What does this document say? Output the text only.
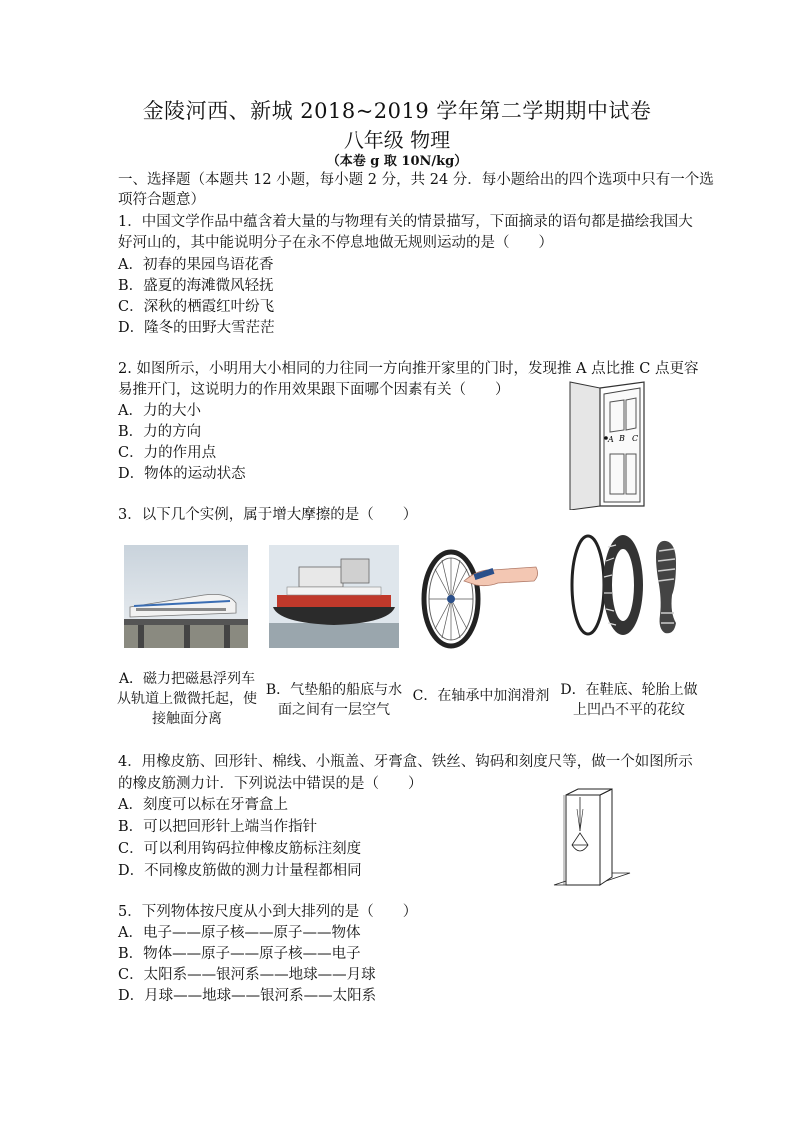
金陵河西、新城 2018~2019 学年第二学期期中试卷
八年级 物理
（本卷 g 取 10N/kg）
一、选择题（本题共 12 小题，每小题 2 分，共 24 分．每小题给出的四个选项中只有一个选
项符合题意）
1．中国文学作品中蕴含着大量的与物理有关的情景描写，下面摘录的语句都是描绘我国大
好河山的，其中能说明分子在永不停息地做无规则运动的是（　　）
A．初春的果园鸟语花香
B．盛夏的海滩微风轻抚
C．深秋的栖霞红叶纷飞
D．隆冬的田野大雪茫茫
2. 如图所示，小明用大小相同的力往同一方向推开家里的门时，发现推 A 点比推 C 点更容
易推开门，这说明力的作用效果跟下面哪个因素有关（　　）
A．力的大小
B．力的方向
C．力的作用点
D．物体的运动状态
A B C
3．以下几个实例，属于增大摩擦的是（　　）
A．磁力把磁悬浮列车
从轨道上微微托起，使
接触面分离
B．气垫船的船底与水
面之间有一层空气
C．在轴承中加润滑剂 D．在鞋底、轮胎上做
上凹凸不平的花纹
4．用橡皮筋、回形针、棉线、小瓶盖、牙膏盒、铁丝、钩码和刻度尺等，做一个如图所示
的橡皮筋测力计．下列说法中错误的是（　　）
A．刻度可以标在牙膏盒上
B．可以把回形针上端当作指针
C．可以利用钩码拉伸橡皮筋标注刻度
D．不同橡皮筋做的测力计量程都相同
5．下列物体按尺度从小到大排列的是（　　）
A．电子——原子核——原子——物体
B．物体——原子——原子核——电子
C．太阳系——银河系——地球——月球
D．月球——地球——银河系——太阳系
